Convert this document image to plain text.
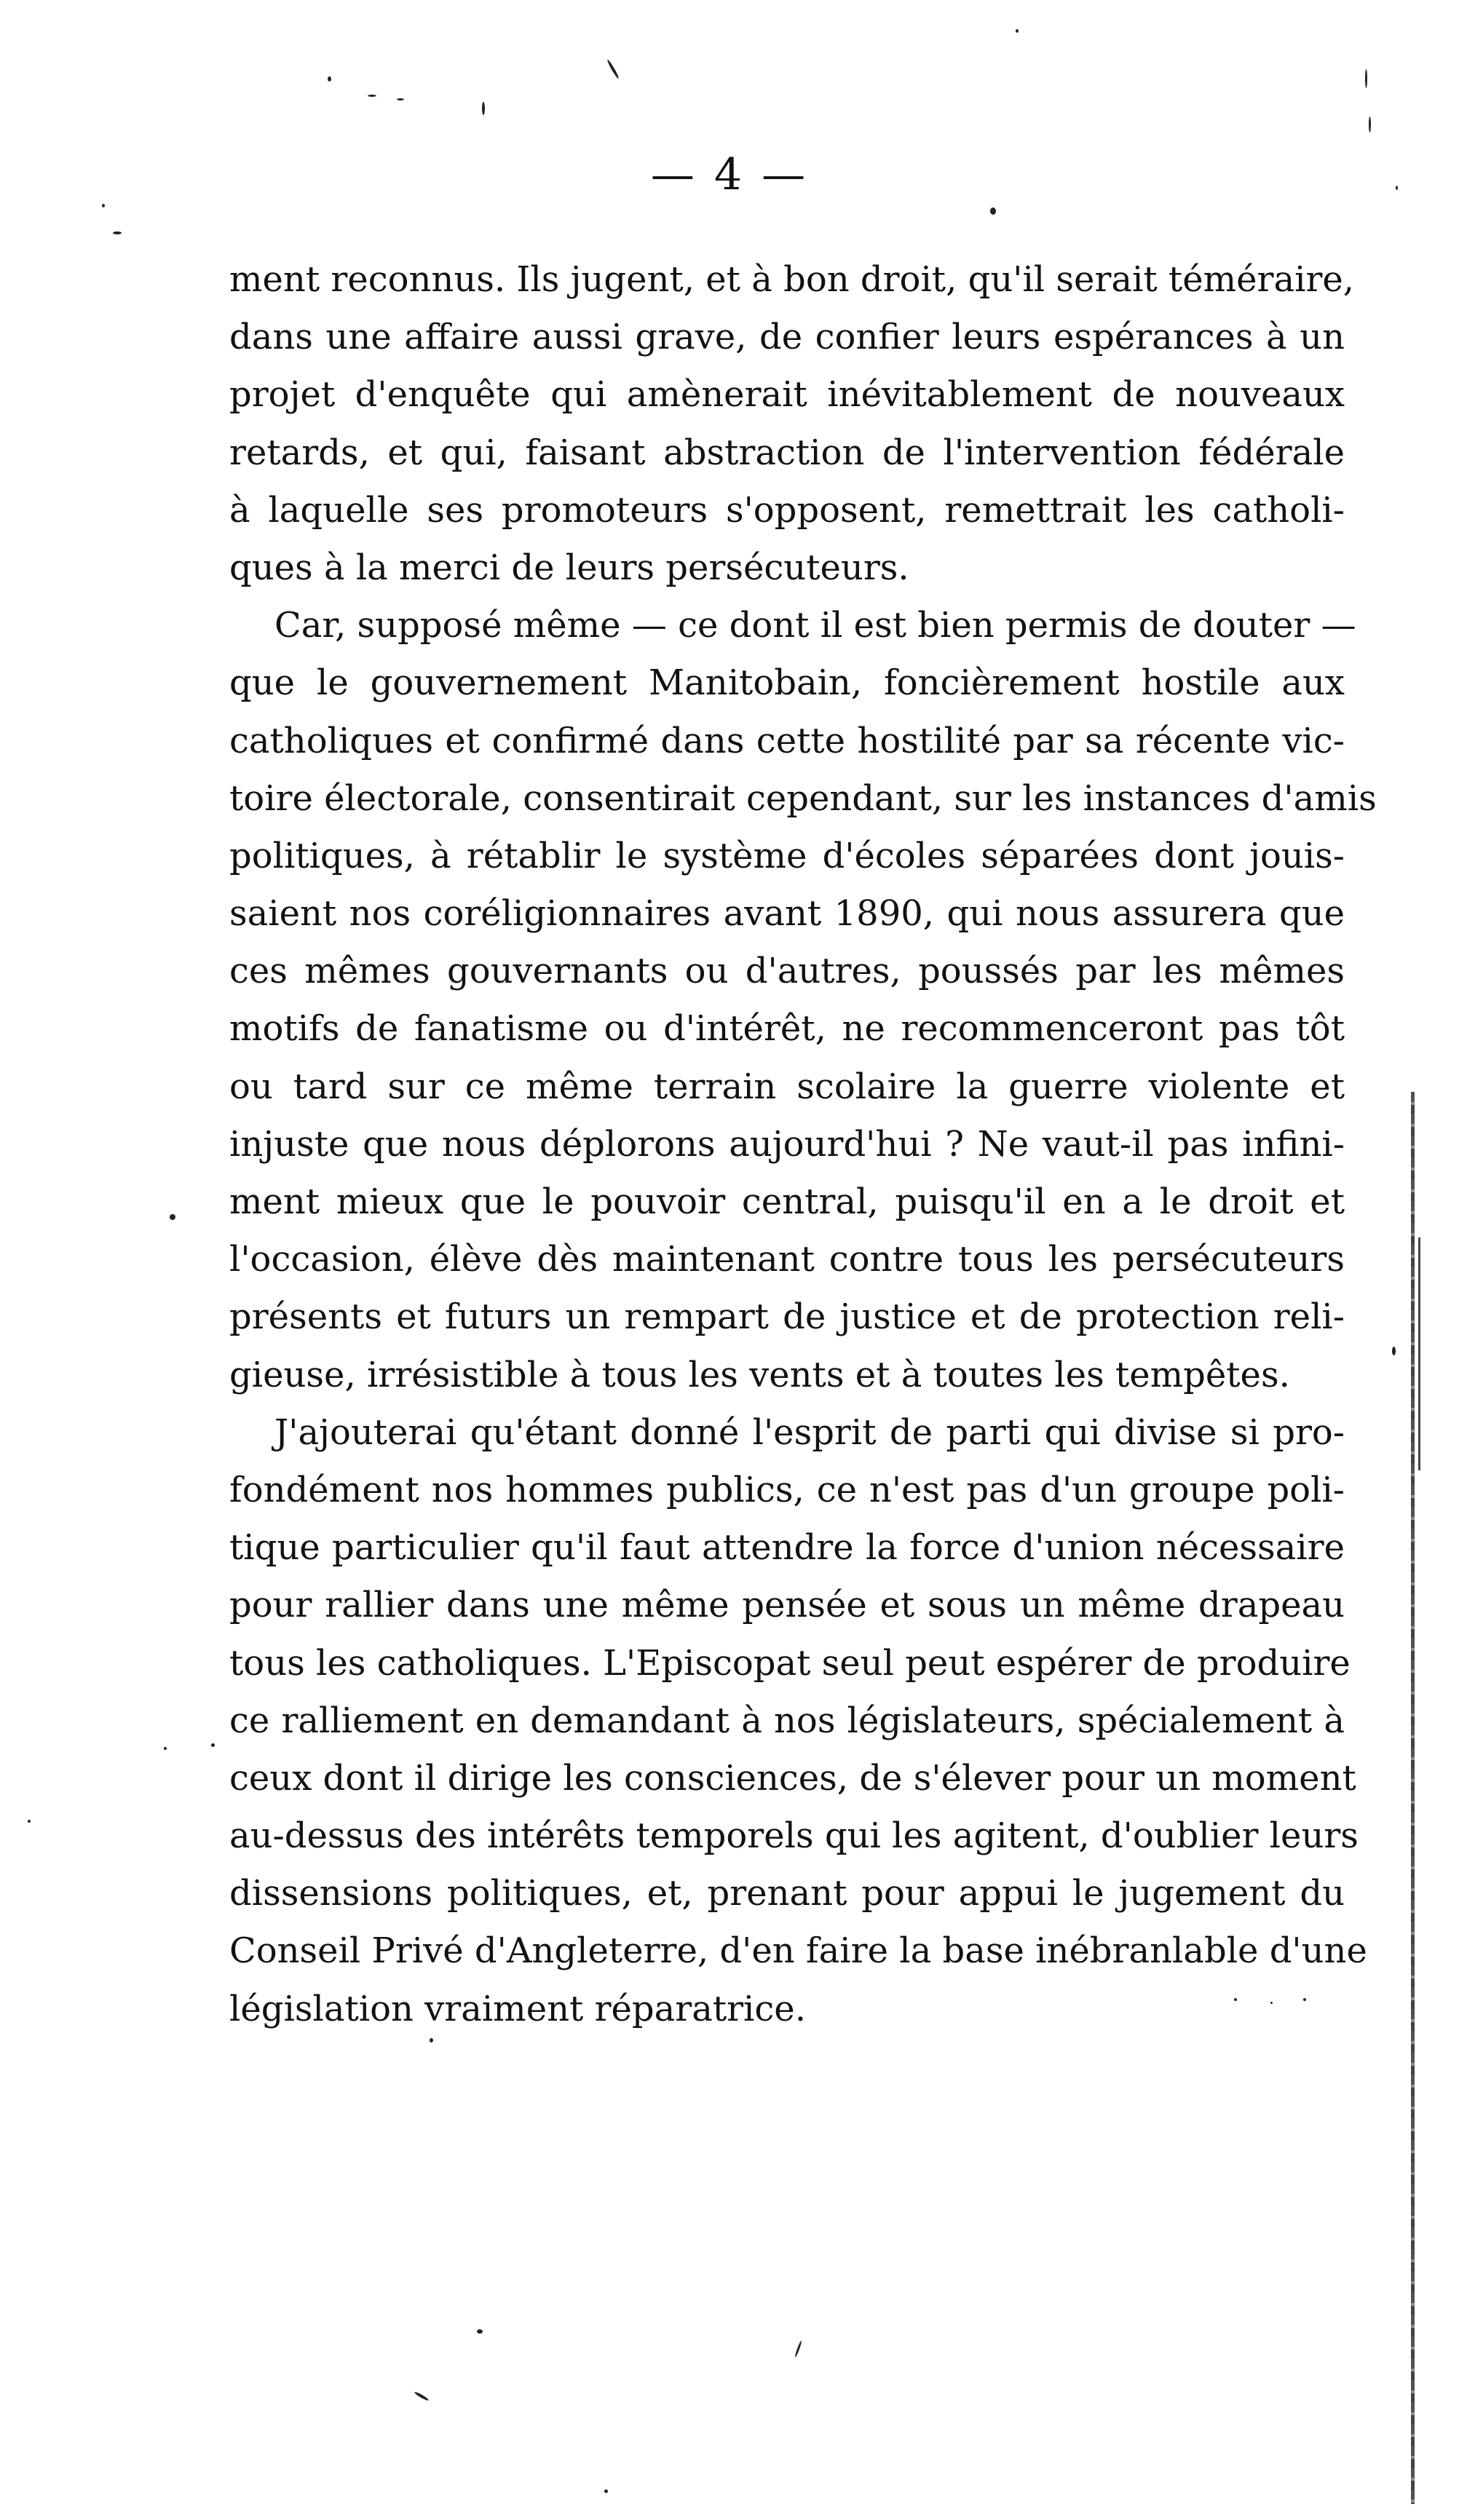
— 4 —
ment reconnus. Ils jugent, et à bon droit, qu'il serait téméraire,
dans une affaire aussi grave, de confier leurs espérances à un
projet d'enquête qui amènerait inévitablement de nouveaux
retards, et qui, faisant abstraction de l'intervention fédérale
à laquelle ses promoteurs s'opposent, remettrait les catholi-
ques à la merci de leurs persécuteurs.
Car, supposé même — ce dont il est bien permis de douter —
que le gouvernement Manitobain, foncièrement hostile aux
catholiques et confirmé dans cette hostilité par sa récente vic-
toire électorale, consentirait cependant, sur les instances d'amis
politiques, à rétablir le système d'écoles séparées dont jouis-
saient nos coréligionnaires avant 1890, qui nous assurera que
ces mêmes gouvernants ou d'autres, poussés par les mêmes
motifs de fanatisme ou d'intérêt, ne recommenceront pas tôt
ou tard sur ce même terrain scolaire la guerre violente et
injuste que nous déplorons aujourd'hui ? Ne vaut-il pas infini-
ment mieux que le pouvoir central, puisqu'il en a le droit et
l'occasion, élève dès maintenant contre tous les persécuteurs
présents et futurs un rempart de justice et de protection reli-
gieuse, irrésistible à tous les vents et à toutes les tempêtes.
J'ajouterai qu'étant donné l'esprit de parti qui divise si pro-
fondément nos hommes publics, ce n'est pas d'un groupe poli-
tique particulier qu'il faut attendre la force d'union nécessaire
pour rallier dans une même pensée et sous un même drapeau
tous les catholiques. L'Episcopat seul peut espérer de produire
ce ralliement en demandant à nos législateurs, spécialement à
ceux dont il dirige les consciences, de s'élever pour un moment
au-dessus des intérêts temporels qui les agitent, d'oublier leurs
dissensions politiques, et, prenant pour appui le jugement du
Conseil Privé d'Angleterre, d'en faire la base inébranlable d'une
législation vraiment réparatrice.
